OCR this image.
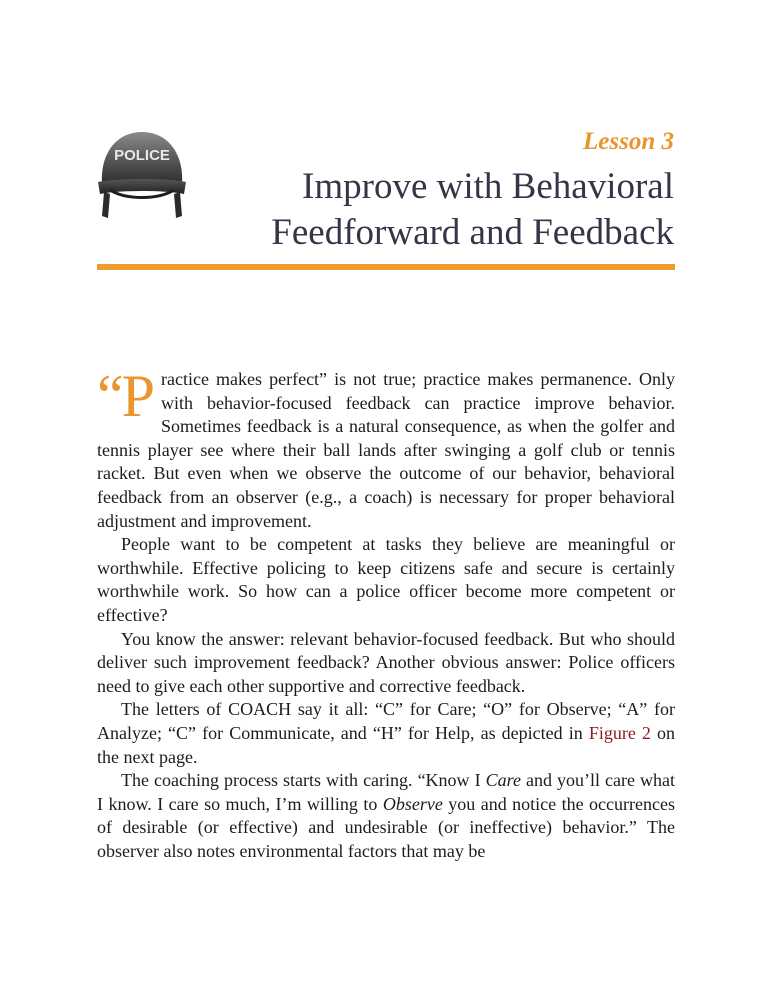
POLICE

Lesson 3

Improve with Behavioral
Feedforward and Feedback

“Practice makes perfect” is not true; practice makes permanence. Only with behavior-focused feedback can practice improve behavior. Sometimes feedback is a natural consequence, as when the golfer and tennis player see where their ball lands after swinging a golf club or tennis racket. But even when we observe the outcome of our behavior, behavioral feedback from an observer (e.g., a coach) is necessary for proper behavioral adjustment and improvement.

People want to be competent at tasks they believe are meaningful or worthwhile. Effective policing to keep citizens safe and secure is certainly worthwhile work. So how can a police officer become more competent or effective?

You know the answer: relevant behavior-focused feedback. But who should deliver such improvement feedback? Another obvious answer: Police officers need to give each other supportive and corrective feedback.

The letters of COACH say it all: “C” for Care; “O” for Observe; “A” for Analyze; “C” for Communicate, and “H” for Help, as depicted in Figure 2 on the next page.

The coaching process starts with caring. “Know I Care and you’ll care what I know. I care so much, I’m willing to Observe you and notice the occurrences of desirable (or effective) and undesirable (or ineffective) behavior.” The observer also notes environmental factors that may be
